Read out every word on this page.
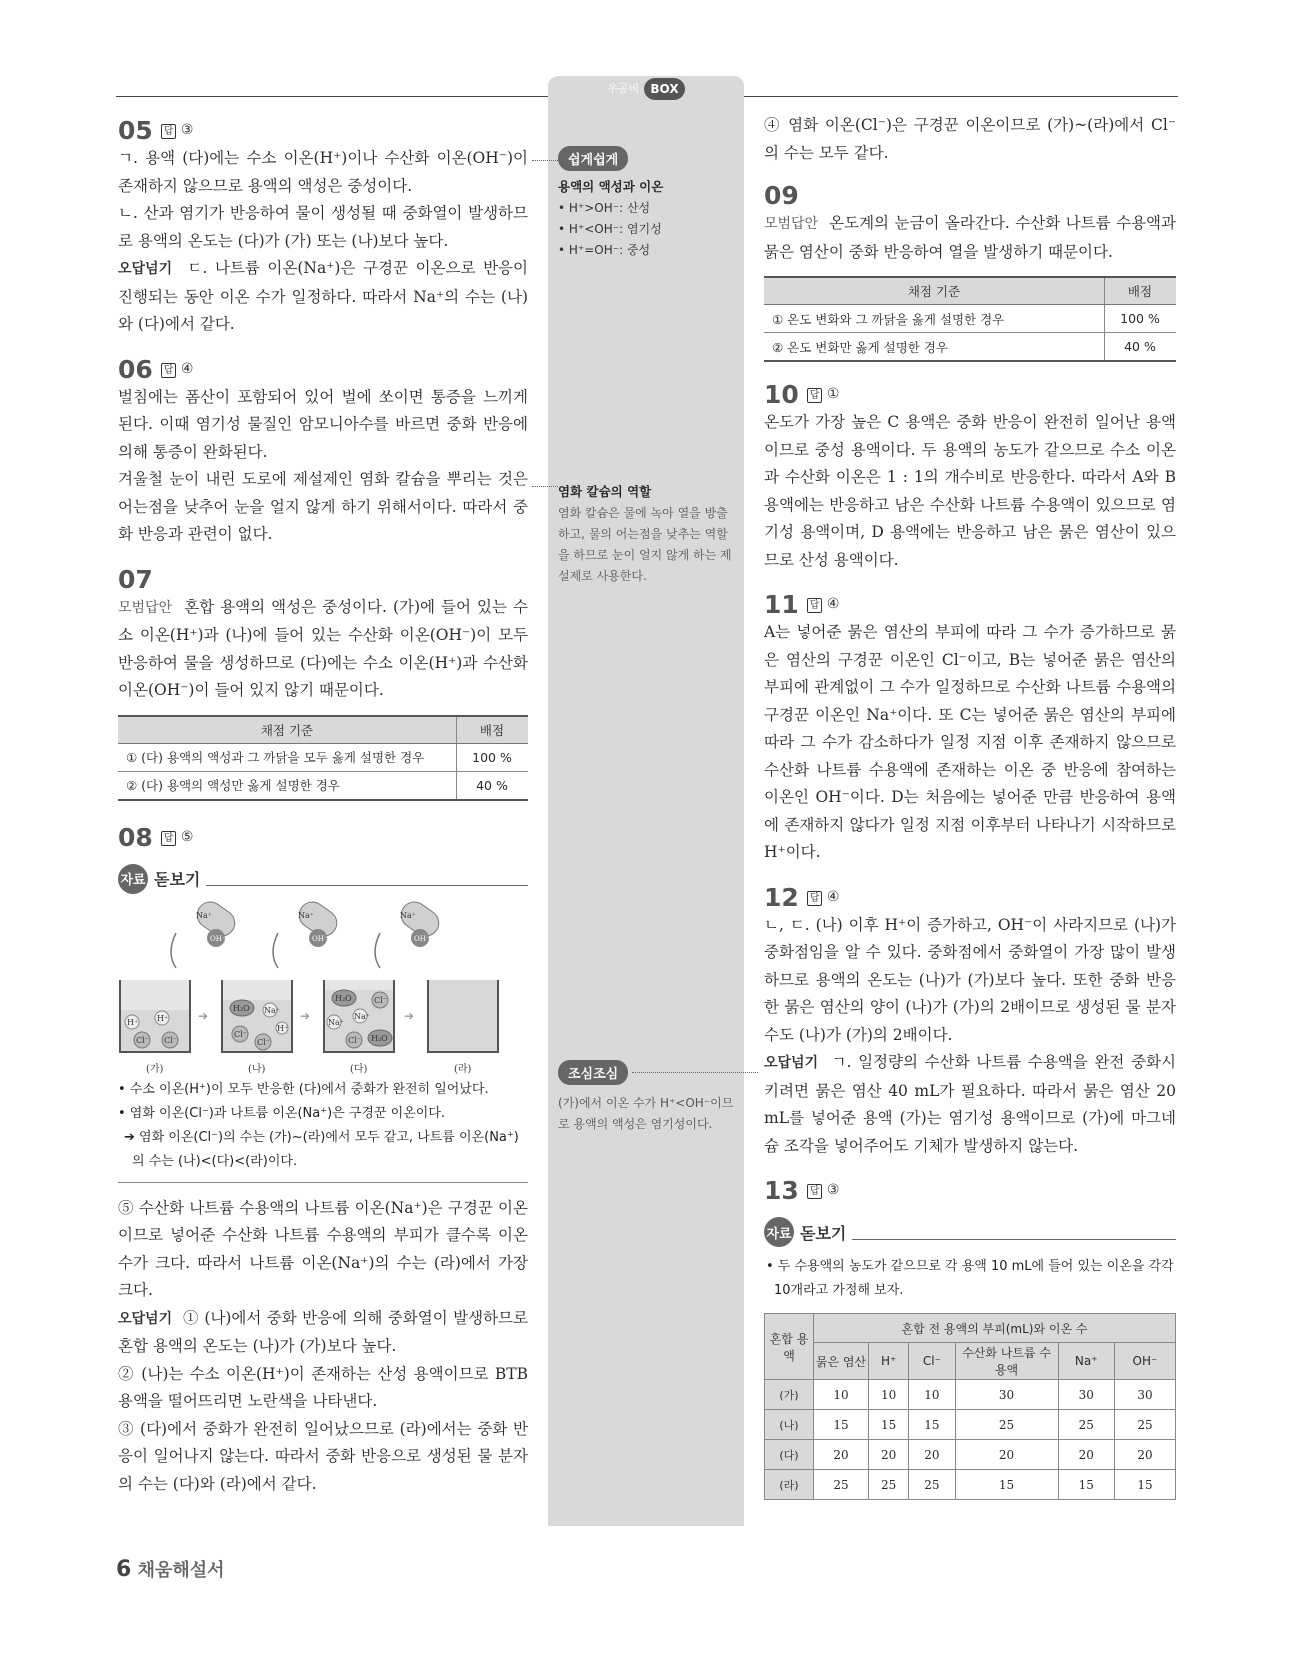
우공비 BOX
05	답 ③

ㄱ. 용액 (다)에는 수소 이온(H⁺)이나 수산화 이온(OH⁻)이 존재하지 않으므로 용액의 액성은 중성이다.

ㄴ. 산과 염기가 반응하여 물이 생성될 때 중화열이 발생하므로 용액의 온도는 (다)가 (가) 또는 (나)보다 높다.

오답넘기 ㄷ. 나트륨 이온(Na⁺)은 구경꾼 이온으로 반응이 진행되는 동안 이온 수가 일정하다. 따라서 Na⁺의 수는 (나)와 (다)에서 같다.

06	답 ④

벌침에는 폼산이 포함되어 있어 벌에 쏘이면 통증을 느끼게 된다. 이때 염기성 물질인 암모니아수를 바르면 중화 반응에 의해 통증이 완화된다.

겨울철 눈이 내린 도로에 제설제인 염화 칼슘을 뿌리는 것은 어는점을 낮추어 눈을 얼지 않게 하기 위해서이다. 따라서 중화 반응과 관련이 없다.

07

모범답안 혼합 용액의 액성은 중성이다. (가)에 들어 있는 수소 이온(H⁺)과 (나)에 들어 있는 수산화 이온(OH⁻)이 모두 반응하여 물을 생성하므로 (다)에는 수소 이온(H⁺)과 수산화 이온(OH⁻)이 들어 있지 않기 때문이다.

채점 기준	배점
① (다) 용액의 액성과 그 까닭을 모두 옳게 설명한 경우	100 %
② (다) 용액의 액성만 옳게 설명한 경우	40 %
08	답 ⑤
자료 돋보기
Na⁺
OH⁻
Na⁺
OH⁻
Na⁺
OH⁻
➔	➔	➔
H⁺ H⁺
Cl⁻ Cl⁻
H₂O Na⁺
Cl⁻
Cl⁻
H⁺
H₂O	Cl⁻
Na⁺
Na⁺
Cl⁻ H₂O
(가)	(나)	(다)	(라)
• 수소 이온(H⁺)이 모두 반응한 (다)에서 중화가 완전히 일어났다.
• 염화 이온(Cl⁻)과 나트륨 이온(Na⁺)은 구경꾼 이온이다.
➔ 염화 이온(Cl⁻)의 수는 (가)~(라)에서 모두 같고, 나트륨 이온(Na⁺)의 수는 (나)<(다)<(라)이다.

⑤ 수산화 나트륨 수용액의 나트륨 이온(Na⁺)은 구경꾼 이온이므로 넣어준 수산화 나트륨 수용액의 부피가 클수록 이온 수가 크다. 따라서 나트륨 이온(Na⁺)의 수는 (라)에서 가장 크다.

오답넘기 ① (나)에서 중화 반응에 의해 중화열이 발생하므로 혼합 용액의 온도는 (나)가 (가)보다 높다.

② (나)는 수소 이온(H⁺)이 존재하는 산성 용액이므로 BTB 용액을 떨어뜨리면 노란색을 나타낸다.

③ (다)에서 중화가 완전히 일어났으므로 (라)에서는 중화 반응이 일어나지 않는다. 따라서 중화 반응으로 생성된 물 분자의 수는 (다)와 (라)에서 같다.

쉽게쉽게
용액의 액성과 이온
• H⁺>OH⁻: 산성
• H⁺<OH⁻: 염기성
• H⁺=OH⁻: 중성
염화 칼슘의 역할
염화 칼슘은 물에 녹아 열을 방출하고, 물의 어는점을 낮추는 역할을 하므로 눈이 얼지 않게 하는 제설제로 사용한다.
조심조심
(가)에서 이온 수가 H⁺<OH⁻이므로 용액의 액성은 염기성이다.

④ 염화 이온(Cl⁻)은 구경꾼 이온이므로 (가)~(라)에서 Cl⁻의 수는 모두 같다.

09

모범답안 온도계의 눈금이 올라간다. 수산화 나트륨 수용액과 묽은 염산이 중화 반응하여 열을 발생하기 때문이다.

채점 기준	배점
① 온도 변화와 그 까닭을 옳게 설명한 경우	100 %
② 온도 변화만 옳게 설명한 경우	40 %
10	답 ①

온도가 가장 높은 C 용액은 중화 반응이 완전히 일어난 용액이므로 중성 용액이다. 두 용액의 농도가 같으므로 수소 이온과 수산화 이온은 1 : 1의 개수비로 반응한다. 따라서 A와 B 용액에는 반응하고 남은 수산화 나트륨 수용액이 있으므로 염기성 용액이며, D 용액에는 반응하고 남은 묽은 염산이 있으므로 산성 용액이다.

11	답 ④

A는 넣어준 묽은 염산의 부피에 따라 그 수가 증가하므로 묽은 염산의 구경꾼 이온인 Cl⁻이고, B는 넣어준 묽은 염산의 부피에 관계없이 그 수가 일정하므로 수산화 나트륨 수용액의 구경꾼 이온인 Na⁺이다. 또 C는 넣어준 묽은 염산의 부피에 따라 그 수가 감소하다가 일정 지점 이후 존재하지 않으므로 수산화 나트륨 수용액에 존재하는 이온 중 반응에 참여하는 이온인 OH⁻이다. D는 처음에는 넣어준 만큼 반응하여 용액에 존재하지 않다가 일정 지점 이후부터 나타나기 시작하므로 H⁺이다.

12	답 ④

ㄴ, ㄷ. (나) 이후 H⁺이 증가하고, OH⁻이 사라지므로 (나)가 중화점임을 알 수 있다. 중화점에서 중화열이 가장 많이 발생하므로 용액의 온도는 (나)가 (가)보다 높다. 또한 중화 반응한 묽은 염산의 양이 (나)가 (가)의 2배이므로 생성된 물 분자 수도 (나)가 (가)의 2배이다.

오답넘기 ㄱ. 일정량의 수산화 나트륨 수용액을 완전 중화시키려면 묽은 염산 40 mL가 필요하다. 따라서 묽은 염산 20 mL를 넣어준 용액 (가)는 염기성 용액이므로 (가)에 마그네슘 조각을 넣어주어도 기체가 발생하지 않는다.

13	답 ③
자료 돋보기
• 두 수용액의 농도가 같으므로 각 용액 10 mL에 들어 있는 이온을 각각 10개라고 가정해 보자.
혼합 용액	혼합 전 용액의 부피(mL)와 이온 수					
	묽은 염산	H⁺	Cl⁻	수산화 나트륨 수용액	Na⁺	OH⁻
(가)	10	10	10	30	30	30
(나)	15	15	15	25	25	25
(다)	20	20	20	20	20	20
(라)	25	25	25	15	15	15
6 채움해설서
